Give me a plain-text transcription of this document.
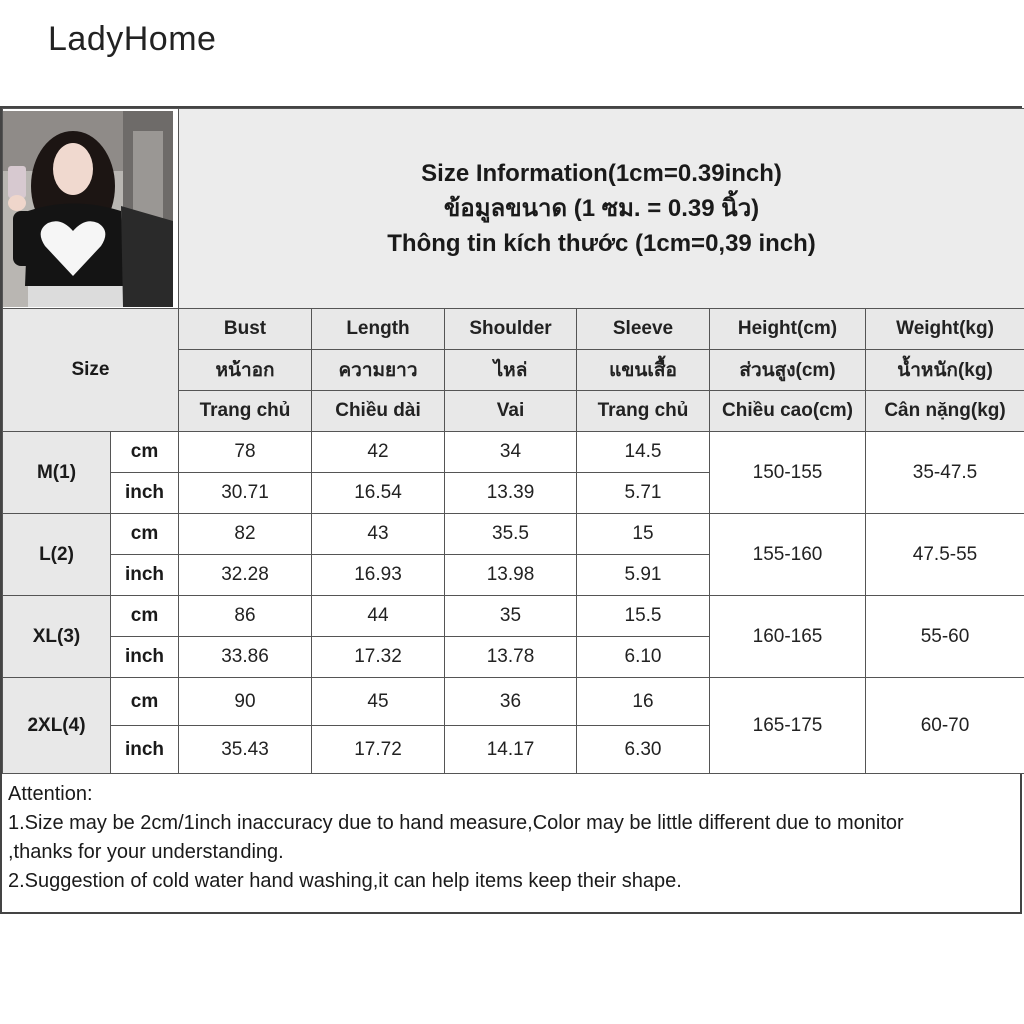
LadyHome

Size Information(1cm=0.39inch)
ข้อมูลขนาด (1 ซม. = 0.39 นิ้ว)
Thông tin kích thước (1cm=0,39 inch)					

Size		Bust	Length	Shoulder	Sleeve	Height(cm)	Weight(kg)
		หน้าอก	ความยาว	ไหล่	แขนเสื้อ	ส่วนสูง(cm)	น้ำหนัก(kg)
		Trang chủ	Chiều dài	Vai	Trang chủ	Chiều cao(cm)	Cân nặng(kg)
M(1)	cm	78	42	34	14.5	150-155	35-47.5
	inch	30.71	16.54	13.39	5.71		
L(2)	cm	82	43	35.5	15	155-160	47.5-55
	inch	32.28	16.93	13.98	5.91		
XL(3)	cm	86	44	35	15.5	160-165	55-60
	inch	33.86	17.32	13.78	6.10		
2XL(4)	cm	90	45	36	16	165-175	60-70
	inch	35.43	17.72	14.17	6.30		
Attention:
1.Size may be 2cm/1inch inaccuracy due to hand measure,Color may be little different due to monitor
,thanks for your understanding.
2.Suggestion of cold water hand washing,it can help items keep their shape.
